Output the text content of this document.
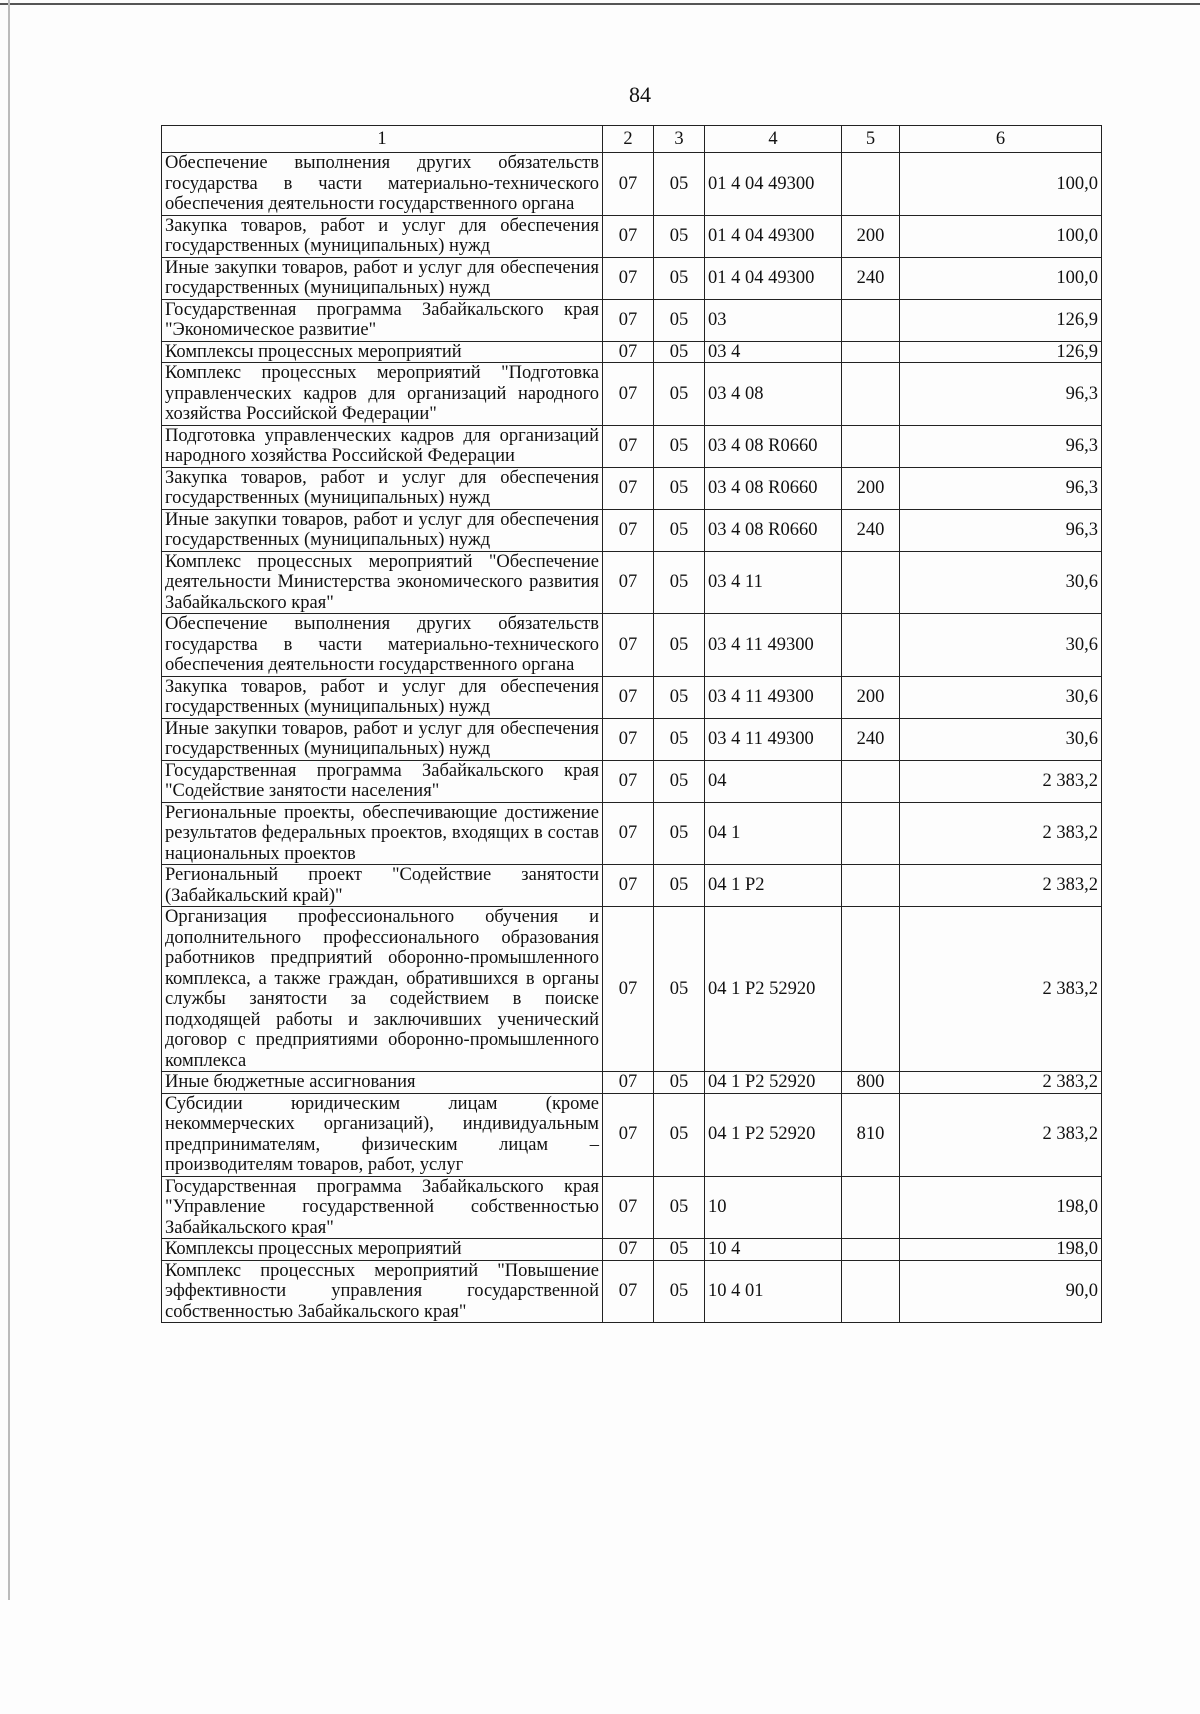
84
1	2	3	4	5	6
Обеспечение выполнения других обязательств государства в части материально-технического обеспечения деятельности государственного органа	07	05	01 4 04 49300		100,0
Закупка товаров, работ и услуг для обеспечения государственных (муниципальных) нужд	07	05	01 4 04 49300	200	100,0
Иные закупки товаров, работ и услуг для обеспечения государственных (муниципальных) нужд	07	05	01 4 04 49300	240	100,0
Государственная программа Забайкальского края "Экономическое развитие"	07	05	03		126,9
Комплексы процессных мероприятий	07	05	03 4		126,9
Комплекс процессных мероприятий "Подготовка управленческих кадров для организаций народного хозяйства Российской Федерации"	07	05	03 4 08		96,3
Подготовка управленческих кадров для организаций народного хозяйства Российской Федерации	07	05	03 4 08 R0660		96,3
Закупка товаров, работ и услуг для обеспечения государственных (муниципальных) нужд	07	05	03 4 08 R0660	200	96,3
Иные закупки товаров, работ и услуг для обеспечения государственных (муниципальных) нужд	07	05	03 4 08 R0660	240	96,3
Комплекс процессных мероприятий "Обеспечение деятельности Министерства экономического развития Забайкальского края"	07	05	03 4 11		30,6
Обеспечение выполнения других обязательств государства в части материально-технического обеспечения деятельности государственного органа	07	05	03 4 11 49300		30,6
Закупка товаров, работ и услуг для обеспечения государственных (муниципальных) нужд	07	05	03 4 11 49300	200	30,6
Иные закупки товаров, работ и услуг для обеспечения государственных (муниципальных) нужд	07	05	03 4 11 49300	240	30,6
Государственная программа Забайкальского края "Содействие занятости населения"	07	05	04		2 383,2
Региональные проекты, обеспечивающие достижение результатов федеральных проектов, входящих в состав национальных проектов	07	05	04 1		2 383,2
Региональный проект "Содействие занятости (Забайкальский край)"	07	05	04 1 P2		2 383,2
Организация профессионального обучения и дополнительного профессионального образования работников предприятий оборонно-промышленного комплекса, а также граждан, обратившихся в органы службы занятости за содействием в поиске подходящей работы и заключивших ученический договор с предприятиями оборонно-промышленного комплекса	07	05	04 1 P2 52920		2 383,2
Иные бюджетные ассигнования	07	05	04 1 P2 52920	800	2 383,2
Субсидии юридическим лицам (кроме некоммерческих организаций), индивидуальным предпринимателям, физическим лицам – производителям товаров, работ, услуг	07	05	04 1 P2 52920	810	2 383,2
Государственная программа Забайкальского края "Управление государственной собственностью Забайкальского края"	07	05	10		198,0
Комплексы процессных мероприятий	07	05	10 4		198,0
Комплекс процессных мероприятий "Повышение эффективности управления государственной собственностью Забайкальского края"	07	05	10 4 01		90,0
